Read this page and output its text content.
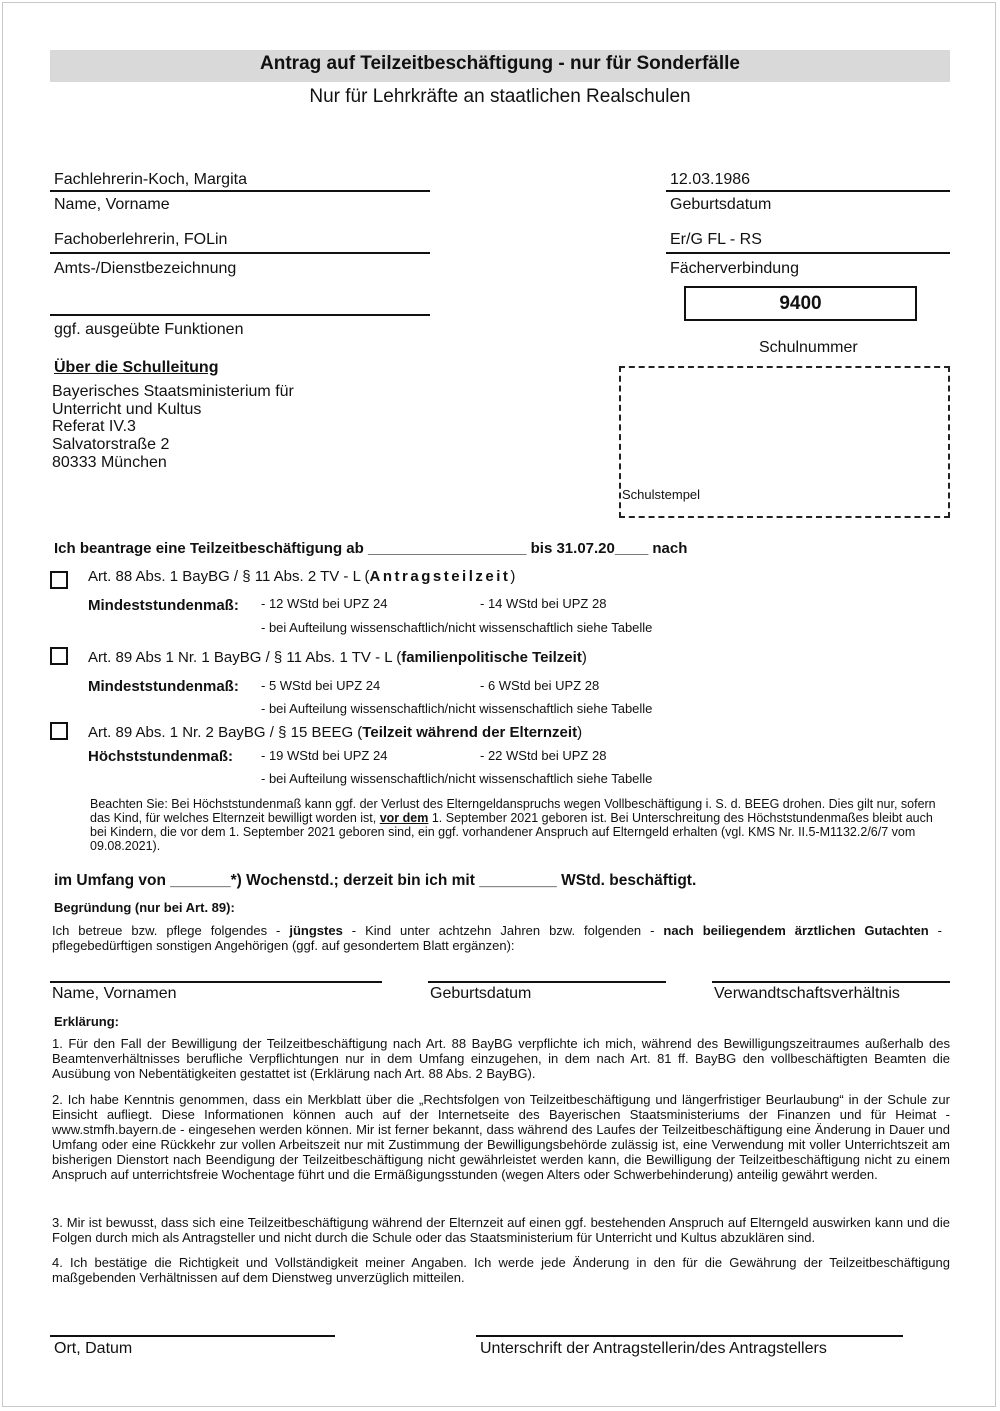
Antrag auf Teilzeitbeschäftigung - nur für Sonderfälle
Nur für Lehrkräfte an staatlichen Realschulen
Fachlehrerin-Koch, Margita
Name, Vorname
12.03.1986
Geburtsdatum
Fachoberlehrerin, FOLin
Amts-/Dienstbezeichnung
Er/G FL - RS
Fächerverbindung
ggf. ausgeübte Funktionen
9400
Schulnummer
Schulstempel
Über die Schulleitung
Bayerisches Staatsministerium für
Unterricht und Kultus
Referat IV.3
Salvatorstraße 2
80333 München
Ich beantrage eine Teilzeitbeschäftigung ab ___________________ bis 31.07.20____ nach
Art. 88 Abs. 1 BayBG / § 11 Abs. 2 TV - L (Antragsteilzeit)
Mindeststundenmaß: - 12 WStd bei UPZ 24	- 14 WStd bei UPZ 28
- bei Aufteilung wissenschaftlich/nicht wissenschaftlich siehe Tabelle
Art. 89 Abs 1 Nr. 1 BayBG / § 11 Abs. 1 TV - L (familienpolitische Teilzeit)
Mindeststundenmaß: - 5 WStd bei UPZ 24	- 6 WStd bei UPZ 28
- bei Aufteilung wissenschaftlich/nicht wissenschaftlich siehe Tabelle
Art. 89 Abs. 1 Nr. 2 BayBG / § 15 BEEG (Teilzeit während der Elternzeit)
Höchststundenmaß: - 19 WStd bei UPZ 24	- 22 WStd bei UPZ 28
- bei Aufteilung wissenschaftlich/nicht wissenschaftlich siehe Tabelle
Beachten Sie: Bei Höchststundenmaß kann ggf. der Verlust des Elterngeldanspruchs wegen Vollbeschäftigung i. S. d. BEEG drohen. Dies gilt nur, sofern das Kind, für welches Elternzeit bewilligt worden ist, vor dem 1. September 2021 geboren ist. Bei Unterschreitung des Höchststundenmaßes bleibt auch bei Kindern, die vor dem 1. September 2021 geboren sind, ein ggf. vorhandener Anspruch auf Elterngeld erhalten (vgl. KMS Nr. II.5-M1132.2/6/7 vom 09.08.2021).
im Umfang von _______*) Wochenstd.; derzeit bin ich mit _________ WStd. beschäftigt.
Begründung (nur bei Art. 89):
Ich betreue bzw. pflege folgendes - jüngstes - Kind unter achtzehn Jahren bzw. folgenden - nach beiliegendem ärztlichen Gutachten - pflegebedürftigen sonstigen Angehörigen (ggf. auf gesondertem Blatt ergänzen):
Name, Vornamen	Geburtsdatum	Verwandtschaftsverhältnis
Erklärung:
1. Für den Fall der Bewilligung der Teilzeitbeschäftigung nach Art. 88 BayBG verpflichte ich mich, während des Bewilligungszeitraumes außerhalb des Beamtenverhältnisses berufliche Verpflichtungen nur in dem Umfang einzugehen, in dem nach Art. 81 ff. BayBG den vollbeschäftigten Beamten die Ausübung von Nebentätigkeiten gestattet ist (Erklärung nach Art. 88 Abs. 2 BayBG).
2. Ich habe Kenntnis genommen, dass ein Merkblatt über die „Rechtsfolgen von Teilzeitbeschäftigung und längerfristiger Beurlaubung“ in der Schule zur Einsicht aufliegt. Diese Informationen können auch auf der Internetseite des Bayerischen Staatsministeriums der Finanzen und für Heimat - www.stmfh.bayern.de - eingesehen werden können. Mir ist ferner bekannt, dass während des Laufes der Teilzeitbeschäftigung eine Änderung in Dauer und Umfang oder eine Rückkehr zur vollen Arbeitszeit nur mit Zustimmung der Bewilligungsbehörde zulässig ist, eine Verwendung mit voller Unterrichtszeit am bisherigen Dienstort nach Beendigung der Teilzeitbeschäftigung nicht gewährleistet werden kann, die Bewilligung der Teilzeitbeschäftigung nicht zu einem Anspruch auf unterrichtsfreie Wochentage führt und die Ermäßigungsstunden (wegen Alters oder Schwerbehinderung) anteilig gewährt werden.
3. Mir ist bewusst, dass sich eine Teilzeitbeschäftigung während der Elternzeit auf einen ggf. bestehenden Anspruch auf Elterngeld auswirken kann und die Folgen durch mich als Antragsteller und nicht durch die Schule oder das Staatsministerium für Unterricht und Kultus abzuklären sind.
4. Ich bestätige die Richtigkeit und Vollständigkeit meiner Angaben. Ich werde jede Änderung in den für die Gewährung der Teilzeitbeschäftigung maßgebenden Verhältnissen auf dem Dienstweg unverzüglich mitteilen.
Ort, Datum	Unterschrift der Antragstellerin/des Antragstellers
